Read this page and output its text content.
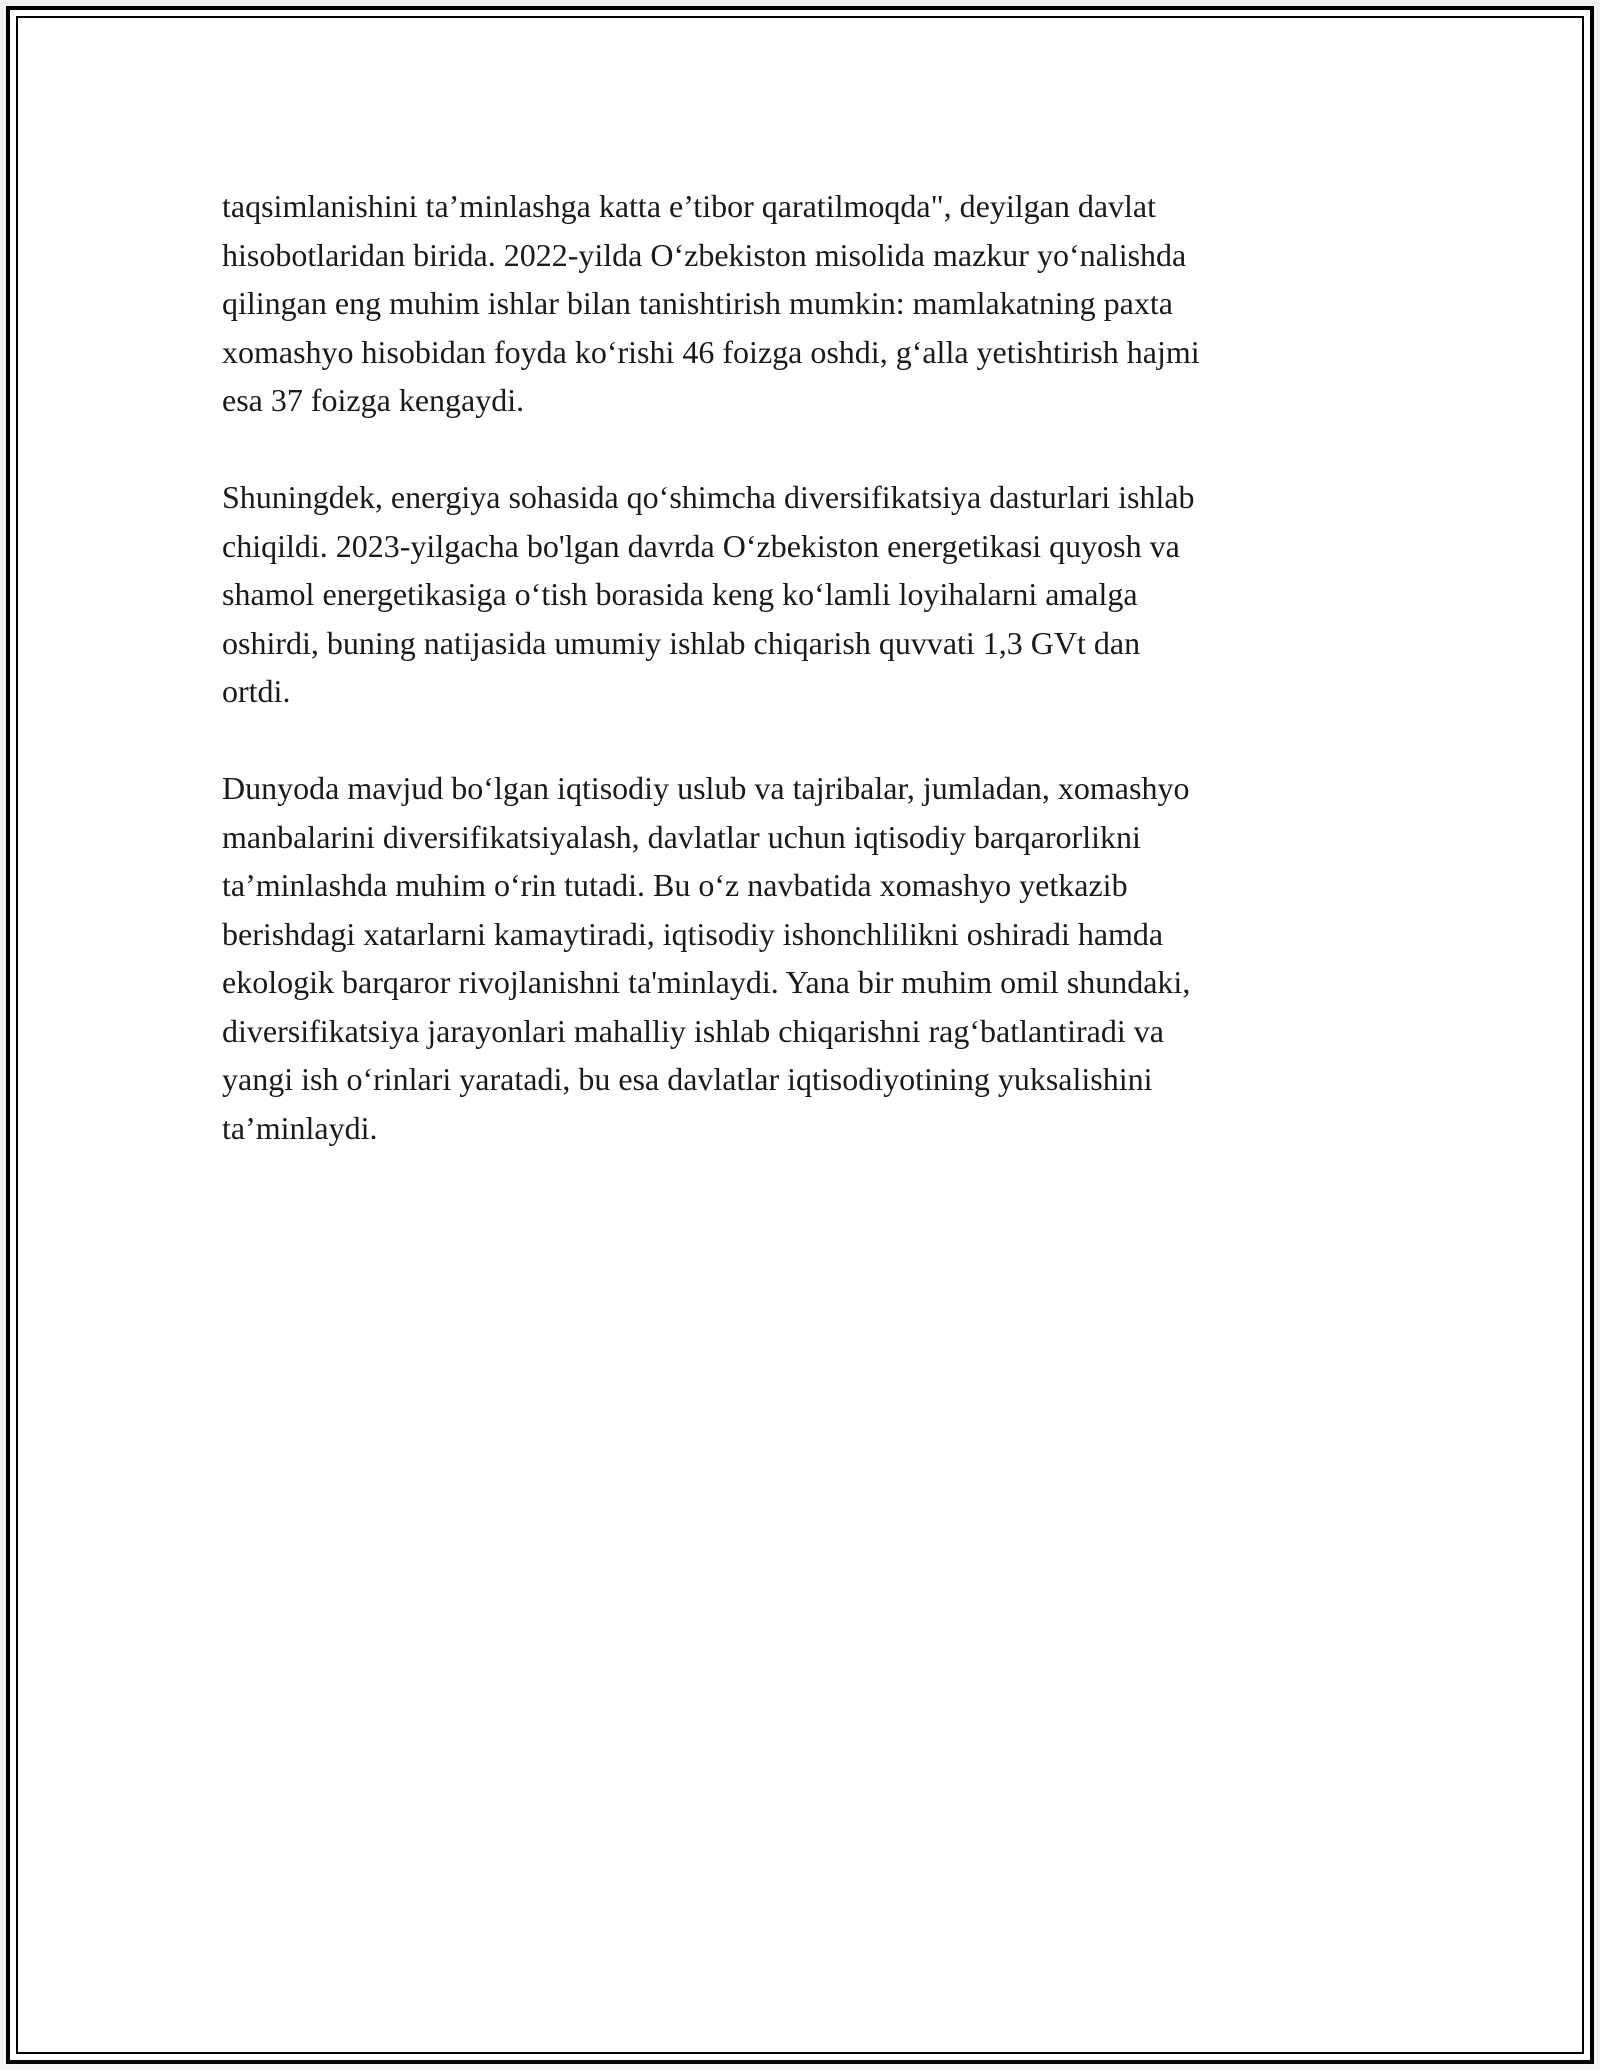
taqsimlanishini ta’minlashga katta e’tibor qaratilmoqda", deyilgan davlat
hisobotlaridan birida. 2022-yilda O‘zbekiston misolida mazkur yo‘nalishda
qilingan eng muhim ishlar bilan tanishtirish mumkin: mamlakatning paxta
xomashyo hisobidan foyda ko‘rishi 46 foizga oshdi, g‘alla yetishtirish hajmi
esa 37 foizga kengaydi.

Shuningdek, energiya sohasida qo‘shimcha diversifikatsiya dasturlari ishlab
chiqildi. 2023-yilgacha bo'lgan davrda O‘zbekiston energetikasi quyosh va
shamol energetikasiga o‘tish borasida keng ko‘lamli loyihalarni amalga
oshirdi, buning natijasida umumiy ishlab chiqarish quvvati 1,3 GVt dan
ortdi.

Dunyoda mavjud bo‘lgan iqtisodiy uslub va tajribalar, jumladan, xomashyo
manbalarini diversifikatsiyalash, davlatlar uchun iqtisodiy barqarorlikni
ta’minlashda muhim o‘rin tutadi. Bu o‘z navbatida xomashyo yetkazib
berishdagi xatarlarni kamaytiradi, iqtisodiy ishonchlilikni oshiradi hamda
ekologik barqaror rivojlanishni ta'minlaydi. Yana bir muhim omil shundaki,
diversifikatsiya jarayonlari mahalliy ishlab chiqarishni rag‘batlantiradi va
yangi ish o‘rinlari yaratadi, bu esa davlatlar iqtisodiyotining yuksalishini
ta’minlaydi.
